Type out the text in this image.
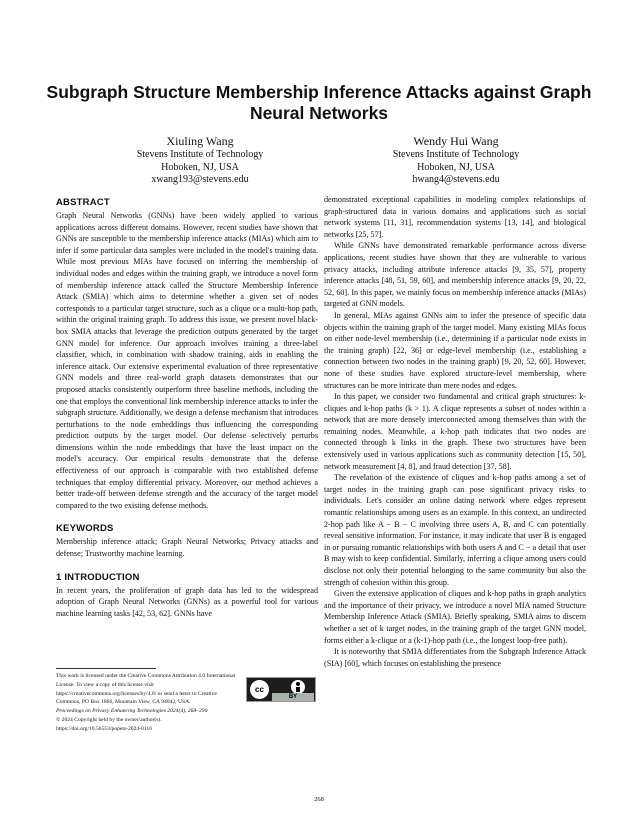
Subgraph Structure Membership Inference Attacks against Graph Neural Networks
Xiuling Wang
Stevens Institute of Technology
Hoboken, NJ, USA
xwang193@stevens.edu
Wendy Hui Wang
Stevens Institute of Technology
Hoboken, NJ, USA
hwang4@stevens.edu
ABSTRACT

Graph Neural Networks (GNNs) have been widely applied to various applications across different domains. However, recent studies have shown that GNNs are susceptible to the membership inference attacks (MIAs) which aim to infer if some particular data samples were included in the model's training data. While most previous MIAs have focused on inferring the membership of individual nodes and edges within the training graph, we introduce a novel form of membership inference attack called the Structure Membership Inference Attack (SMIA) which aims to determine whether a given set of nodes corresponds to a particular target structure, such as a clique or a multi-hop path, within the original training graph. To address this issue, we present novel black-box SMIA attacks that leverage the prediction outputs generated by the target GNN model for inference. Our approach involves training a three-label classifier, which, in combination with shadow training, aids in enabling the inference attack. Our extensive experimental evaluation of three representative GNN models and three real-world graph datasets demonstrates that our proposed attacks consistently outperform three baseline methods, including the one that employs the conventional link membership inference attacks to infer the subgraph structure. Additionally, we design a defense mechanism that introduces perturbations to the node embeddings thus influencing the corresponding prediction outputs by the target model. Our defense selectively perturbs dimensions within the node embeddings that have the least impact on the model's accuracy. Our empirical results demonstrate that the defense effectiveness of our approach is comparable with two established defense techniques that employ differential privacy. Moreover, our method achieves a better trade-off between defense strength and the accuracy of the target model compared to the two existing defense methods.

KEYWORDS

Membership inference attack; Graph Neural Networks; Privacy attacks and defense; Trustworthy machine learning.

1 INTRODUCTION

In recent years, the proliferation of graph data has led to the widespread adoption of Graph Neural Networks (GNNs) as a powerful tool for various machine learning tasks [42, 53, 62]. GNNs have

This work is licensed under the Creative Commons Attribution 4.0 International License. To view a copy of this license visit https://creativecommons.org/licenses/by/4.0/ or send a letter to Creative Commons, PO Box 1866, Mountain View, CA 94042, USA.
Proceedings on Privacy Enhancing Technologies 2024(4), 268–290
© 2024 Copyright held by the owner/author(s).
https://doi.org/10.56553/popets-2024-0116
cc
BY

demonstrated exceptional capabilities in modeling complex relationships of graph-structured data in various domains and applications such as social network systems [11, 31], recommendation systems [13, 14], and biological networks [25, 57].

While GNNs have demonstrated remarkable performance across diverse applications, recent studies have shown that they are vulnerable to various privacy attacks, including attribute inference attacks [9, 35, 57], property inference attacks [48, 51, 59, 60], and membership inference attacks [9, 20, 22, 52, 60]. In this paper, we mainly focus on membership inference attacks (MIAs) targeted at GNN models.

In general, MIAs against GNNs aim to infer the presence of specific data objects within the training graph of the target model. Many existing MIAs focus on either node-level membership (i.e., determining if a particular node exists in the training graph) [22, 36] or edge-level membership (i.e., establishing a connection between two nodes in the training graph) [9, 20, 52, 60]. However, none of these studies have explored structure-level membership, where structures can be more intricate than mere nodes and edges.

In this paper, we consider two fundamental and critical graph structures: k-cliques and k-hop paths (k > 1). A clique represents a subset of nodes within a network that are more densely interconnected among themselves than with the remaining nodes. Meanwhile, a k-hop path indicates that two nodes are connected through k links in the graph. These two structures have been extensively used in various applications such as community detection [15, 50], network measurement [4, 8], and fraud detection [37, 58].

The revelation of the existence of cliques and k-hop paths among a set of target nodes in the training graph can pose significant privacy risks to individuals. Let's consider an online dating network where edges represent romantic relationships among users as an example. In this context, an undirected 2-hop path like A − B − C involving three users A, B, and C can potentially reveal sensitive information. For instance, it may indicate that user B is engaged in or pursuing romantic relationships with both users A and C − a detail that user B may wish to keep confidential. Similarly, inferring a clique among users could disclose not only their potential belonging to the same community but also the strength of cohesion within this group.

Given the extensive application of cliques and k-hop paths in graph analytics and the importance of their privacy, we introduce a novel MIA named Structure Membership Inference Attack (SMIA). Briefly speaking, SMIA aims to discern whether a set of k target nodes, in the training graph of the target GNN model, forms either a k-clique or a (k-1)-hop path (i.e., the longest loop-free path).

It is noteworthy that SMIA differentiates from the Subgraph Inference Attack (SIA) [60], which focuses on establishing the presence

268
